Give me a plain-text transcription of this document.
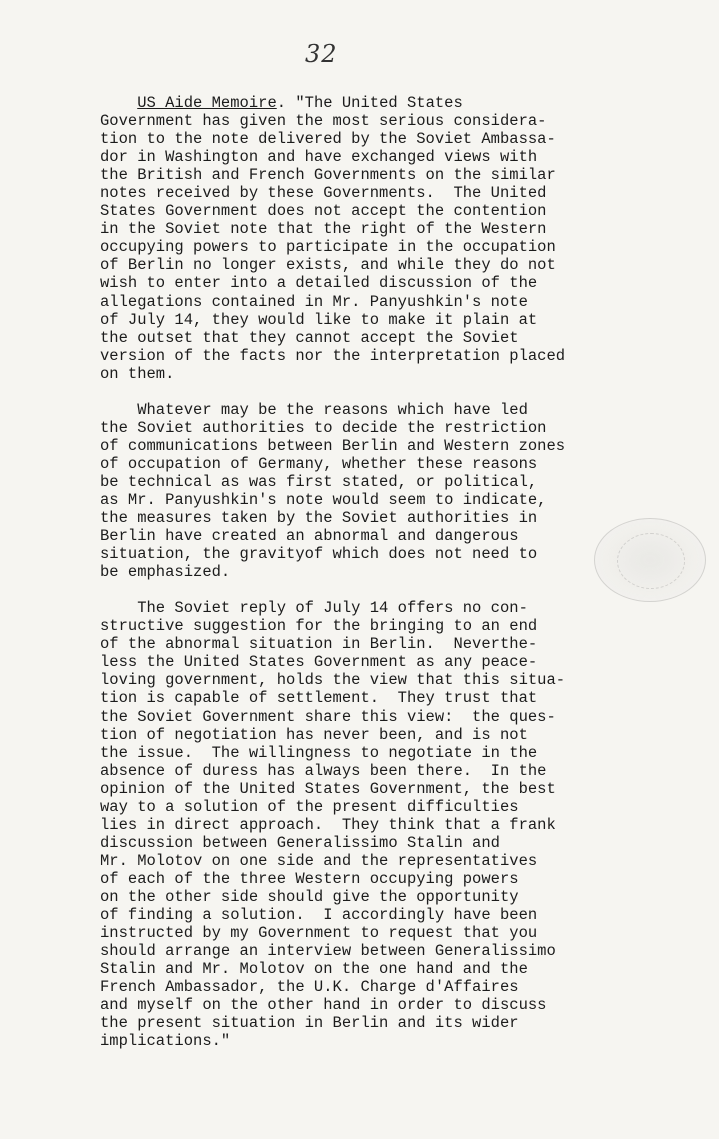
32
US Aide Memoire. "The United States
Government has given the most serious considera-
tion to the note delivered by the Soviet Ambassa-
dor in Washington and have exchanged views with
the British and French Governments on the similar
notes received by these Governments.  The United
States Government does not accept the contention
in the Soviet note that the right of the Western
occupying powers to participate in the occupation
of Berlin no longer exists, and while they do not
wish to enter into a detailed discussion of the
allegations contained in Mr. Panyushkin's note
of July 14, they would like to make it plain at
the outset that they cannot accept the Soviet
version of the facts nor the interpretation placed
on them.
Whatever may be the reasons which have led
the Soviet authorities to decide the restriction
of communications between Berlin and Western zones
of occupation of Germany, whether these reasons
be technical as was first stated, or political,
as Mr. Panyushkin's note would seem to indicate,
the measures taken by the Soviet authorities in
Berlin have created an abnormal and dangerous
situation, the gravityof which does not need to
be emphasized.
The Soviet reply of July 14 offers no con-
structive suggestion for the bringing to an end
of the abnormal situation in Berlin.  Neverthe-
less the United States Government as any peace-
loving government, holds the view that this situa-
tion is capable of settlement.  They trust that
the Soviet Government share this view:  the ques-
tion of negotiation has never been, and is not
the issue.  The willingness to negotiate in the
absence of duress has always been there.  In the
opinion of the United States Government, the best
way to a solution of the present difficulties
lies in direct approach.  They think that a frank
discussion between Generalissimo Stalin and
Mr. Molotov on one side and the representatives
of each of the three Western occupying powers
on the other side should give the opportunity
of finding a solution.  I accordingly have been
instructed by my Government to request that you
should arrange an interview between Generalissimo
Stalin and Mr. Molotov on the one hand and the
French Ambassador, the U.K. Charge d'Affaires
and myself on the other hand in order to discuss
the present situation in Berlin and its wider
implications."
